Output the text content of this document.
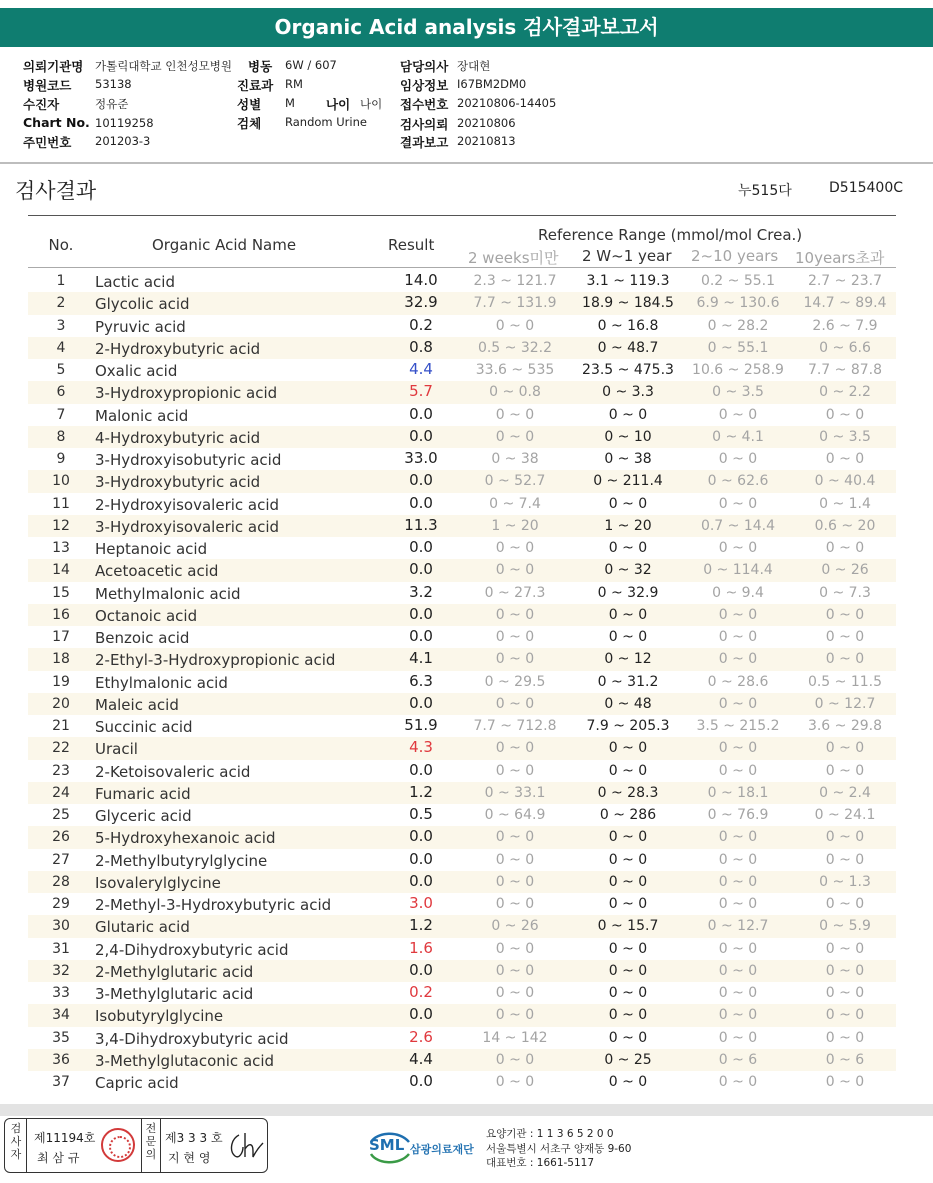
Organic Acid analysis 검사결과보고서
의뢰기관명 가톨릭대학교 인천성모병원 병동 6W / 607	담당의사 장대현
병원코드 53138	진료과 RM	임상정보 I67BM2DM0
수진자	정유준	성별 M 나이 나이 접수번호 20210806-14405
Chart No. 10119258	검체 Random Urine	검사의뢰 20210806
주민번호 201203-3	결과보고 20210813
검사결과	누515다	D515400C
No.	Organic Acid Name	Result
Reference Range (mmol/mol Crea.)
2 weeks미만 2 W~1 year 2~10 years 10years초과
1	Lactic acid	14.0	2.3 ~ 121.7	3.1 ~ 119.3	0.2 ~ 55.1	2.7 ~ 23.7
2	Glycolic acid	32.9	7.7 ~ 131.9	18.9 ~ 184.5	6.9 ~ 130.6	14.7 ~ 89.4
3	Pyruvic acid	0.2	0 ~ 0	0 ~ 16.8	0 ~ 28.2	2.6 ~ 7.9
4	2-Hydroxybutyric acid	0.8	0.5 ~ 32.2	0 ~ 48.7	0 ~ 55.1	0 ~ 6.6
5	Oxalic acid	4.4	33.6 ~ 535	23.5 ~ 475.3	10.6 ~ 258.9	7.7 ~ 87.8
6	3-Hydroxypropionic acid	5.7	0 ~ 0.8	0 ~ 3.3	0 ~ 3.5	0 ~ 2.2
7	Malonic acid	0.0	0 ~ 0	0 ~ 0	0 ~ 0	0 ~ 0
8	4-Hydroxybutyric acid	0.0	0 ~ 0	0 ~ 10	0 ~ 4.1	0 ~ 3.5
9	3-Hydroxyisobutyric acid	33.0	0 ~ 38	0 ~ 38	0 ~ 0	0 ~ 0
10	3-Hydroxybutyric acid	0.0	0 ~ 52.7	0 ~ 211.4	0 ~ 62.6	0 ~ 40.4
11	2-Hydroxyisovaleric acid	0.0	0 ~ 7.4	0 ~ 0	0 ~ 0	0 ~ 1.4
12	3-Hydroxyisovaleric acid	11.3	1 ~ 20	1 ~ 20	0.7 ~ 14.4	0.6 ~ 20
13	Heptanoic acid	0.0	0 ~ 0	0 ~ 0	0 ~ 0	0 ~ 0
14	Acetoacetic acid	0.0	0 ~ 0	0 ~ 32	0 ~ 114.4	0 ~ 26
15	Methylmalonic acid	3.2	0 ~ 27.3	0 ~ 32.9	0 ~ 9.4	0 ~ 7.3
16	Octanoic acid	0.0	0 ~ 0	0 ~ 0	0 ~ 0	0 ~ 0
17	Benzoic acid	0.0	0 ~ 0	0 ~ 0	0 ~ 0	0 ~ 0
18	2-Ethyl-3-Hydroxypropionic acid	4.1	0 ~ 0	0 ~ 12	0 ~ 0	0 ~ 0
19	Ethylmalonic acid	6.3	0 ~ 29.5	0 ~ 31.2	0 ~ 28.6	0.5 ~ 11.5
20	Maleic acid	0.0	0 ~ 0	0 ~ 48	0 ~ 0	0 ~ 12.7
21	Succinic acid	51.9	7.7 ~ 712.8	7.9 ~ 205.3	3.5 ~ 215.2	3.6 ~ 29.8
22	Uracil	4.3	0 ~ 0	0 ~ 0	0 ~ 0	0 ~ 0
23	2-Ketoisovaleric acid	0.0	0 ~ 0	0 ~ 0	0 ~ 0	0 ~ 0
24	Fumaric acid	1.2	0 ~ 33.1	0 ~ 28.3	0 ~ 18.1	0 ~ 2.4
25	Glyceric acid	0.5	0 ~ 64.9	0 ~ 286	0 ~ 76.9	0 ~ 24.1
26	5-Hydroxyhexanoic acid	0.0	0 ~ 0	0 ~ 0	0 ~ 0	0 ~ 0
27	2-Methylbutyrylglycine	0.0	0 ~ 0	0 ~ 0	0 ~ 0	0 ~ 0
28	Isovalerylglycine	0.0	0 ~ 0	0 ~ 0	0 ~ 0	0 ~ 1.3
29	2-Methyl-3-Hydroxybutyric acid	3.0	0 ~ 0	0 ~ 0	0 ~ 0	0 ~ 0
30	Glutaric acid	1.2	0 ~ 26	0 ~ 15.7	0 ~ 12.7	0 ~ 5.9
31	2,4-Dihydroxybutyric acid	1.6	0 ~ 0	0 ~ 0	0 ~ 0	0 ~ 0
32	2-Methylglutaric acid	0.0	0 ~ 0	0 ~ 0	0 ~ 0	0 ~ 0
33	3-Methylglutaric acid	0.2	0 ~ 0	0 ~ 0	0 ~ 0	0 ~ 0
34	Isobutyrylglycine	0.0	0 ~ 0	0 ~ 0	0 ~ 0	0 ~ 0
35	3,4-Dihydroxybutyric acid	2.6	14 ~ 142	0 ~ 0	0 ~ 0	0 ~ 0
36	3-Methylglutaconic acid	4.4	0 ~ 0	0 ~ 25	0 ~ 6	0 ~ 6
37	Capric acid	0.0	0 ~ 0	0 ~ 0	0 ~ 0	0 ~ 0
검사자
제11194호
최 삼 규
전문의
제3 3 3 호
지 현 영
SML 삼광의료재단
요양기관 : 1 1 3 6 5 2 0 0
서울특별시 서초구 양재동 9-60
대표번호 : 1661-5117
